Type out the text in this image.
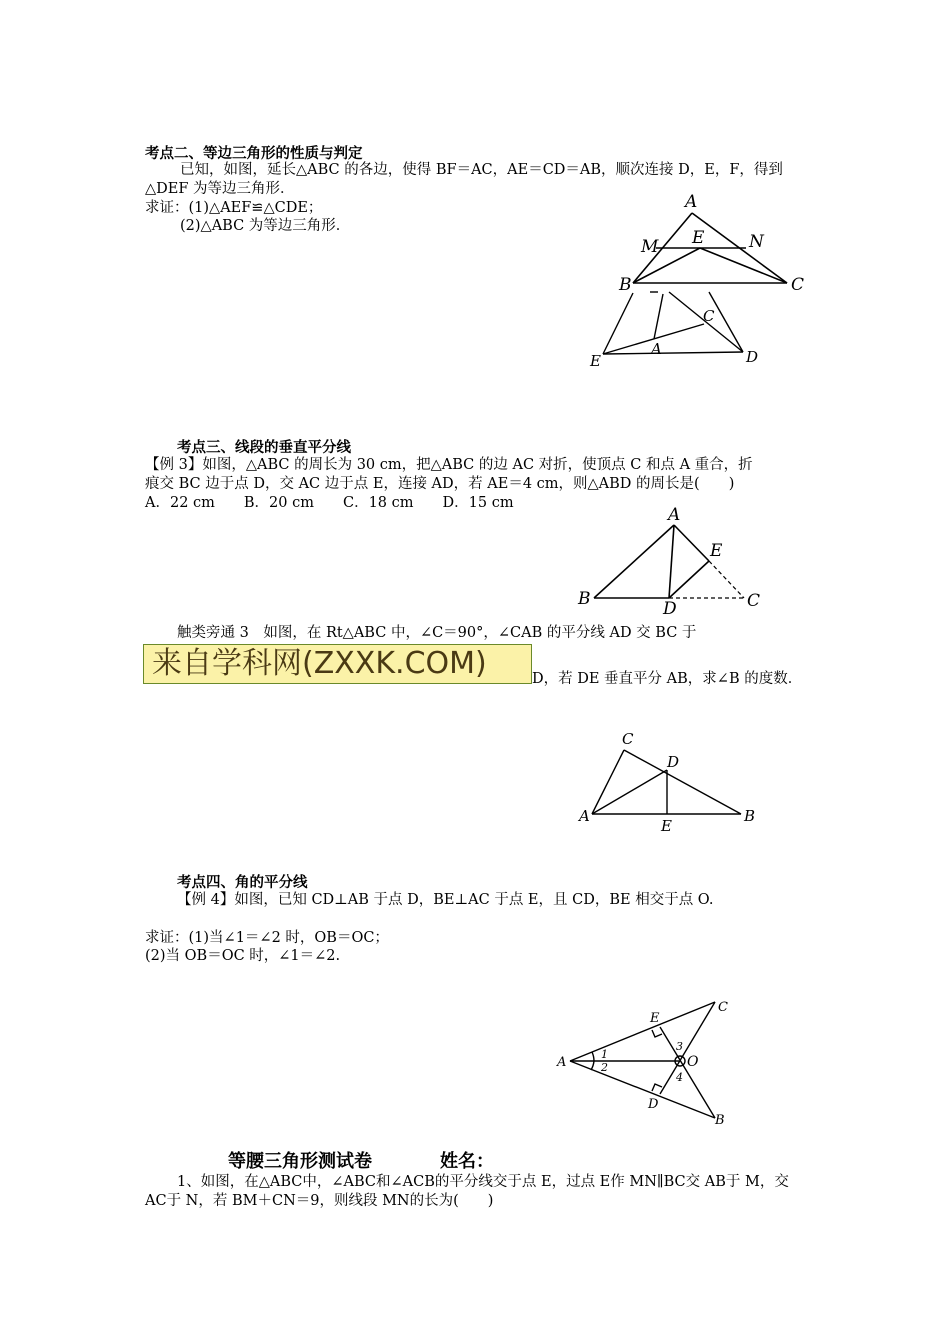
考点二、等边三角形的性质与判定
已知，如图，延长△ABC 的各边，使得 BF＝AC，AE＝CD＝AB，顺次连接 D，E，F，得到
△DEF 为等边三角形．
求证：(1)△AEF≌△CDE；
(2)△ABC 为等边三角形．
A
M E	N
B	C
C
A
E	D
考点三、线段的垂直平分线
【例 3】如图，△ABC 的周长为 30 cm，把△ABC 的边 AC 对折，使顶点 C 和点 A 重合，折
痕交 BC 边于点 D，交 AC 边于点 E，连接 AD，若 AE＝4 cm，则△ABD 的周长是(　　)
A．22 cm　　B．20 cm　　C．18 cm　　D．15 cm
A
E
B	D	C
触类旁通 3　如图，在 Rt△ABC 中，∠C＝90°，∠CAB 的平分线 AD 交 BC 于
来自学科网(ZXXK.COM)	D，若 DE 垂直平分 AB，求∠B 的度数．
C
D
A
E
B
考点四、角的平分线
【例 4】如图，已知 CD⊥AB 于点 D，BE⊥AC 于点 E，且 CD，BE 相交于点 O.
求证：(1)当∠1＝∠2 时，OB＝OC；
(2)当 OB＝OC 时，∠1＝∠2.
C
E
A	O
D
B
1
2
3
4
等腰三角形测试卷	姓名：
1、如图，在△ABC中，∠ABC和∠ACB的平分线交于点 E，过点 E作 MN∥BC交 AB于 M，交
AC于 N，若 BM＋CN＝9，则线段 MN的长为(　　)
